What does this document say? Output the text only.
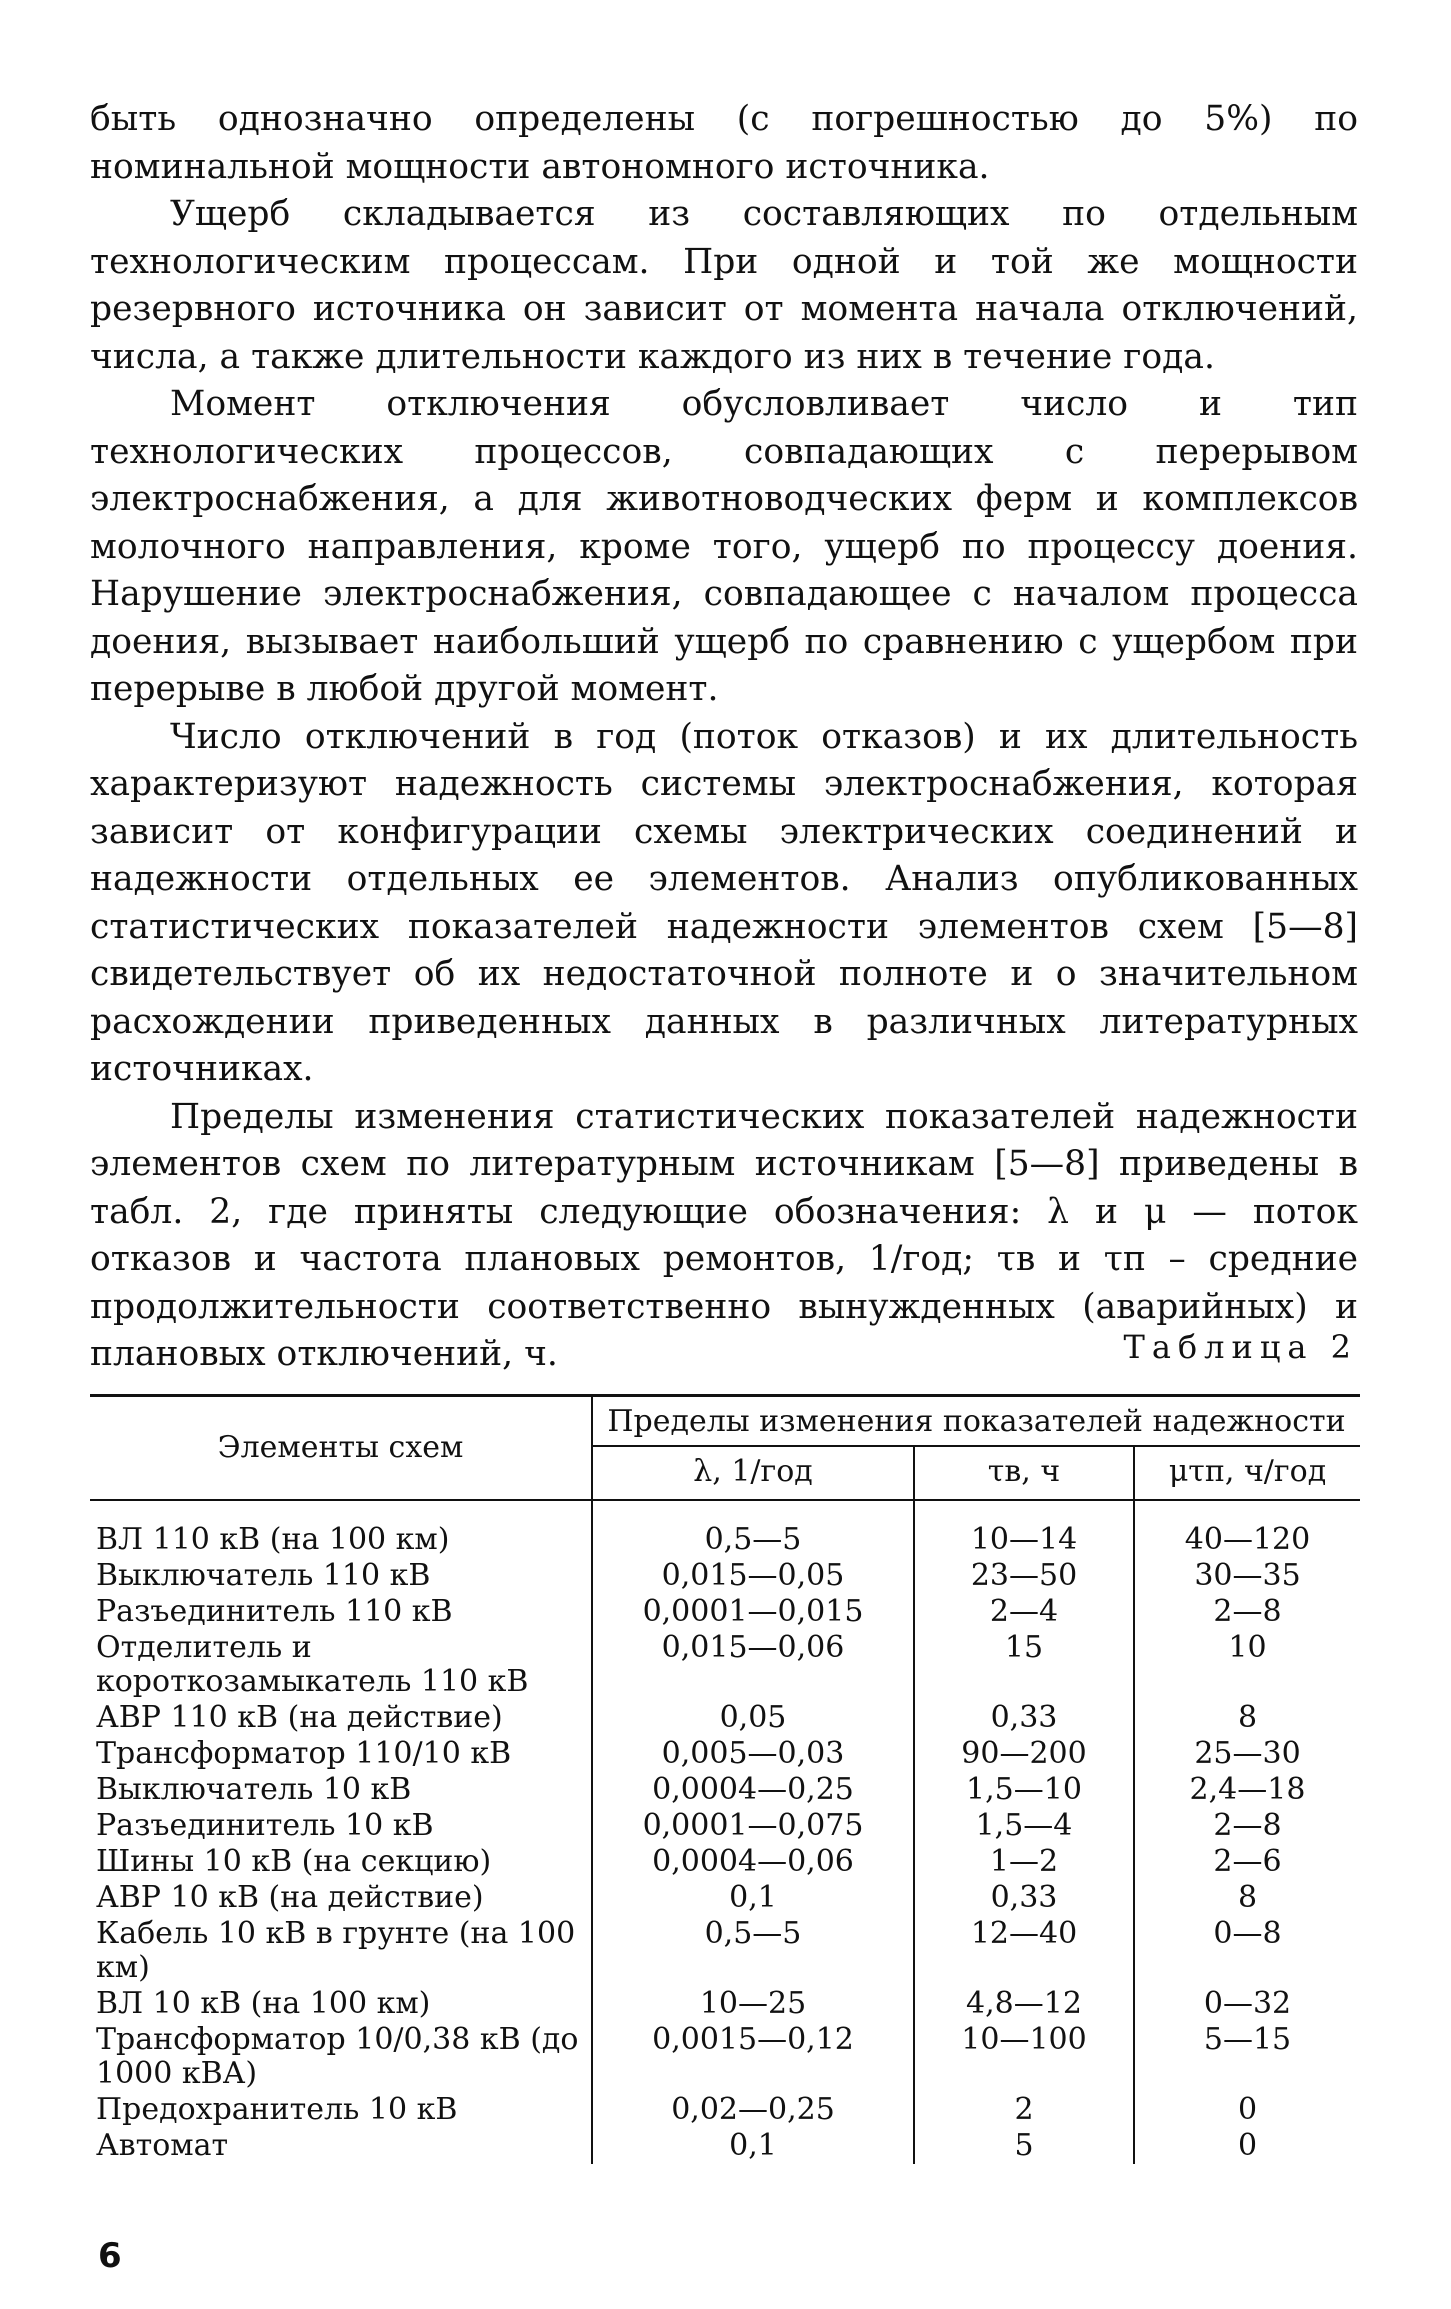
быть однозначно определены (с погрешностью до 5%) по номинальной мощности автономного источника.

Ущерб складывается из составляющих по отдельным технологическим процессам. При одной и той же мощности резервного источника он зависит от момента начала отключений, числа, а также длительности каждого из них в течение года.

Момент отключения обусловливает число и тип технологических процессов, совпадающих с перерывом электроснабжения, а для животноводческих ферм и комплексов молочного направления, кроме того, ущерб по процессу доения. Нарушение электроснабжения, совпадающее с началом процесса доения, вызывает наибольший ущерб по сравнению с ущербом при перерыве в любой другой момент.

Число отключений в год (поток отказов) и их длительность характеризуют надежность системы электроснабжения, которая зависит от конфигурации схемы электрических соединений и надежности отдельных ее элементов. Анализ опубликованных статистических показателей надежности элементов схем [5—8] свидетельствует об их недостаточной полноте и о значительном расхождении приведенных данных в различных литературных источниках.

Пределы изменения статистических показателей надежности элементов схем по литературным источникам [5—8] приведены в табл. 2, где приняты следующие обозначения: λ и μ — поток отказов и частота плановых ремонтов, 1/год; τв и τп – средние продолжительности соответственно вынужденных (аварийных) и плановых отключений, ч.	Таблица 2
Элементы схем	Пределы изменения показателей надежности		
	λ, 1/год	τв, ч	μτп, ч/год

ВЛ 110 кВ (на 100 км)	0,5—5	10—14	40—120
Выключатель 110 кВ	0,015—0,05	23—50	30—35
Разъединитель 110 кВ	0,0001—0,015	2—4	2—8
Отделитель и короткозамыкатель 110 кВ	0,015—0,06	15	10
АВР 110 кВ (на действие)	0,05	0,33	8
Трансформатор 110/10 кВ	0,005—0,03	90—200	25—30
Выключатель 10 кВ	0,0004—0,25	1,5—10	2,4—18
Разъединитель 10 кВ	0,0001—0,075	1,5—4	2—8
Шины 10 кВ (на секцию)	0,0004—0,06	1—2	2—6
АВР 10 кВ (на действие)	0,1	0,33	8
Кабель 10 кВ в грунте (на 100 км)	0,5—5	12—40	0—8
ВЛ 10 кВ (на 100 км)	10—25	4,8—12	0—32
Трансформатор 10/0,38 кВ (до 1000 кВА)	0,0015—0,12	10—100	5—15
Предохранитель 10 кВ	0,02—0,25	2	0
Автомат	0,1	5	0
6
